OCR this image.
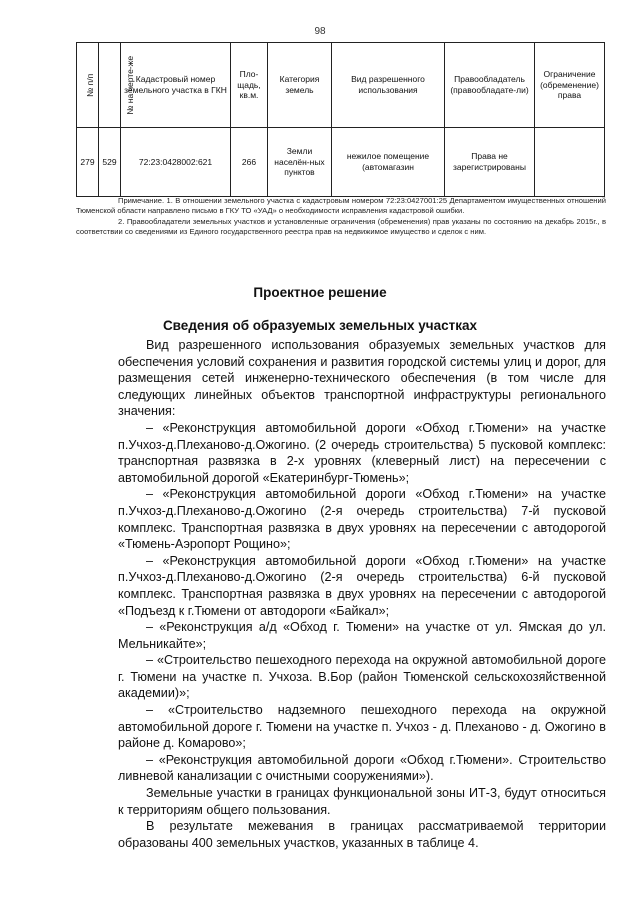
98
№ п/п	№ на черте-же	Кадастровый номер земельного участка в ГКН	Пло-щадь, кв.м.	Категория земель	Вид разрешенного использования	Правообладатель (правообладате-ли)	Ограничение (обременение) права
279	529	72:23:0428002:621	266	Земли населён-ных пунктов	нежилое помещение (автомагазин	Права не зарегистрированы	

Примечание. 1. В отношении земельного участка с кадастровым номером 72:23:0427001:25 Департаментом имущественных отношений Тюменской области направлено письмо в ГКУ ТО «УАД» о необходимости исправления кадастровой ошибки.

2. Правообладатели земельных участков и установленные ограничения (обременения) прав указаны по состоянию на декабрь 2015г., в соответствии со сведениями из Единого государственного реестра прав на недвижимое имущество и сделок с ним.

Проектное решение
Сведения об образуемых земельных участках

Вид разрешенного использования образуемых земельных участков для обеспечения условий сохранения и развития городской системы улиц и дорог, для размещения сетей инженерно-технического обеспечения (в том числе для следующих линейных объектов транспортной инфраструктуры регионального значения:

– «Реконструкция автомобильной дороги «Обход г.Тюмени» на участке п.Учхоз-д.Плеханово-д.Ожогино. (2 очередь строительства) 5 пусковой комплекс: транспортная развязка в 2-х уровнях (клеверный лист) на пересечении с автомобильной дорогой «Екатеринбург-Тюмень»;

– «Реконструкция автомобильной дороги «Обход г.Тюмени» на участке п.Учхоз-д.Плеханово-д.Ожогино (2-я очередь строительства) 7-й пусковой комплекс. Транспортная развязка в двух уровнях на пересечении с автодорогой «Тюмень-Аэропорт Рощино»;

– «Реконструкция автомобильной дороги «Обход г.Тюмени» на участке п.Учхоз-д.Плеханово-д.Ожогино (2-я очередь строительства) 6-й пусковой комплекс. Транспортная развязка в двух уровнях на пересечении с автодорогой «Подъезд к г.Тюмени от автодороги «Байкал»;

– «Реконструкция а/д «Обход г. Тюмени» на участке от ул. Ямская до ул. Мельникайте»;

– «Строительство пешеходного перехода на окружной автомобильной дороге г. Тюмени на участке п. Учхоза. В.Бор (район Тюменской сельскохозяйственной академии)»;

– «Строительство надземного пешеходного перехода на окружной автомобильной дороге г. Тюмени на участке п. Учхоз - д. Плеханово - д. Ожогино в районе д. Комарово»;

– «Реконструкция автомобильной дороги «Обход г.Тюмени». Строительство ливневой канализации с очистными сооружениями»).

Земельные участки в границах функциональной зоны ИТ-3, будут относиться к территориям общего пользования.

В результате межевания в границах рассматриваемой территории образованы 400 земельных участков, указанных в таблице 4.
